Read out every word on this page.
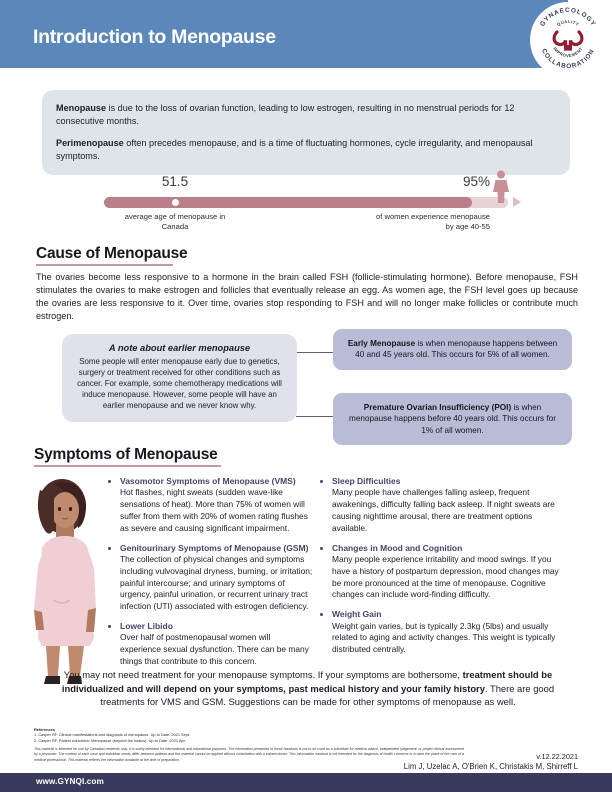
Introduction to Menopause
GYNAECOLOGY
COLLABORATION
QUALITY
IMPROVEMENT

Menopause is due to the loss of ovarian function, leading to low estrogen, resulting in no menstrual periods for 12 consecutive months.

Perimenopause often precedes menopause, and is a time of fluctuating hormones, cycle irregularity, and menopausal symptoms.

51.5
average age of menopause in Canada
95%
of women experience menopause by age 40-55
Cause of Menopause
The ovaries become less responsive to a hormone in the brain called FSH (follicle-stimulating hormone). Before menopause, FSH stimulates the ovaries to make estrogen and follicles that eventually release an egg. As women age, the FSH level goes up because the ovaries are less responsive to it. Over time, ovaries stop responding to FSH and will no longer make follicles or contribute much estrogen.
A note about earlier menopause
Some people will enter menopause early due to genetics, surgery or treatment received for other conditions such as cancer. For example, some chemotherapy medications will induce menopause. However, some people will have an earlier menopause and we never know why.

Early Menopause is when menopause happens between 40 and 45 years old. This occurs for 5% of all women.

Premature Ovarian Insufficiency (POI) is when menopause happens before 40 years old. This occurs for 1% of all women.

Symptoms of Menopause
Vasomotor Symptoms of Menopause (VMS)
Hot flashes, night sweats (sudden wave-like sensations of heat). More than 75% of women will suffer from them with 20% of women rating flushes as severe and causing significant impairment.
Genitourinary Symptoms of Menopause (GSM)
The collection of physical changes and symptoms including vulvovaginal dryness, burning, or irritation; painful intercourse; and urinary symptoms of urgency, painful urination, or recurrent urinary tract infection (UTI) associated with estrogen deficiency.
Lower Libido
Over half of postmenopausal women will experience sexual dysfunction. There can be many things that contribute to this concern.
Sleep Difficulties
Many people have challenges falling asleep, frequent awakenings, difficulty falling back asleep. If night sweats are causing nighttime arousal, there are treatment options available.
Changes in Mood and Cognition
Many people experience irritability and mood swings. If you have a history of postpartum depression, mood changes may be more pronounced at the time of menopause. Cognitive changes can include word-finding difficulty.
Weight Gain
Weight gain varies, but is typically 2.3kg (5lbs) and usually related to aging and activity changes. This weight is typically distributed centrally.
You may not need treatment for your menopause symptoms. If your symptoms are bothersome, treatment should be individualized and will depend on your symptoms, past medical history and your family history. There are good treatments for VMS and GSM. Suggestions can be made for other symptoms of menopause as well.
References
1. Casper RF. Clinical manifestations and diagnosis of menopause. Up to Date. 2021 Sept.
2. Casper RF. Patient education: Menopause (beyond the basics). Up to Date. 2021 Apr.
This material is intended for use by Canadian residents only. It is solely intended for informational and educational purposes. The information presented in these handouts is not to be used as a substitute for medical advice, independent judgement, or proper clinical assessment by a physician. The context of each case and individual needs differ between patients and this material cannot be applied without consultation with a trained doctor. This information handout is not intended for the diagnosis of health concerns or to take the place of the care of a medical professional. This material reflects the information available at the time of preparation.	v.12.22.2021
Lim J, Uzelac A, O'Brien K, Christakis M, Shirreff L
www.GYNQI.com
